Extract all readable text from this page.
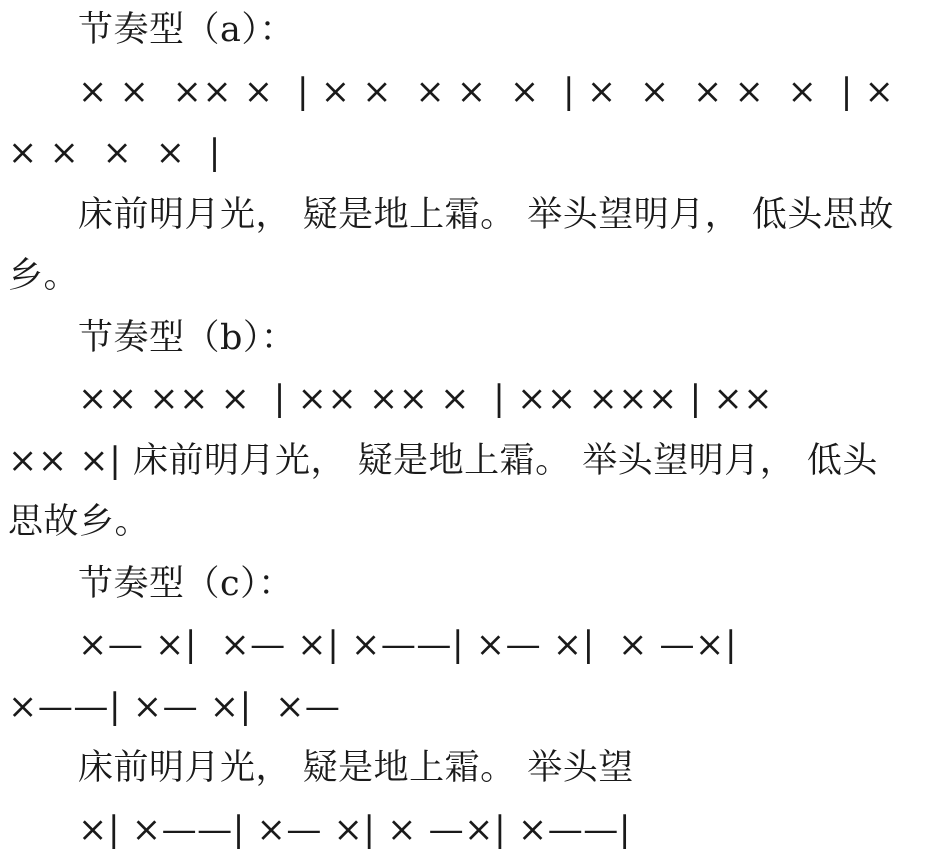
节奏型（a）：
× ×  ×× ×  | × ×  × ×  ×  | ×  ×  × ×  ×  | ×
× ×  ×  ×  |
床前明月光， 疑是地上霜。 举头望明月， 低头思故
乡。
节奏型（b）：
×× ×× ×  | ×× ×× ×  | ×× ××× | ××
×× ×| 床前明月光， 疑是地上霜。 举头望明月， 低头
思故乡。
节奏型（c）：
×— ×|  ×— ×| ×——| ×— ×|  × —×|
×——| ×— ×|  ×—
床前明月光， 疑是地上霜。 举头望
×| ×——| ×— ×| × —×| ×——|
